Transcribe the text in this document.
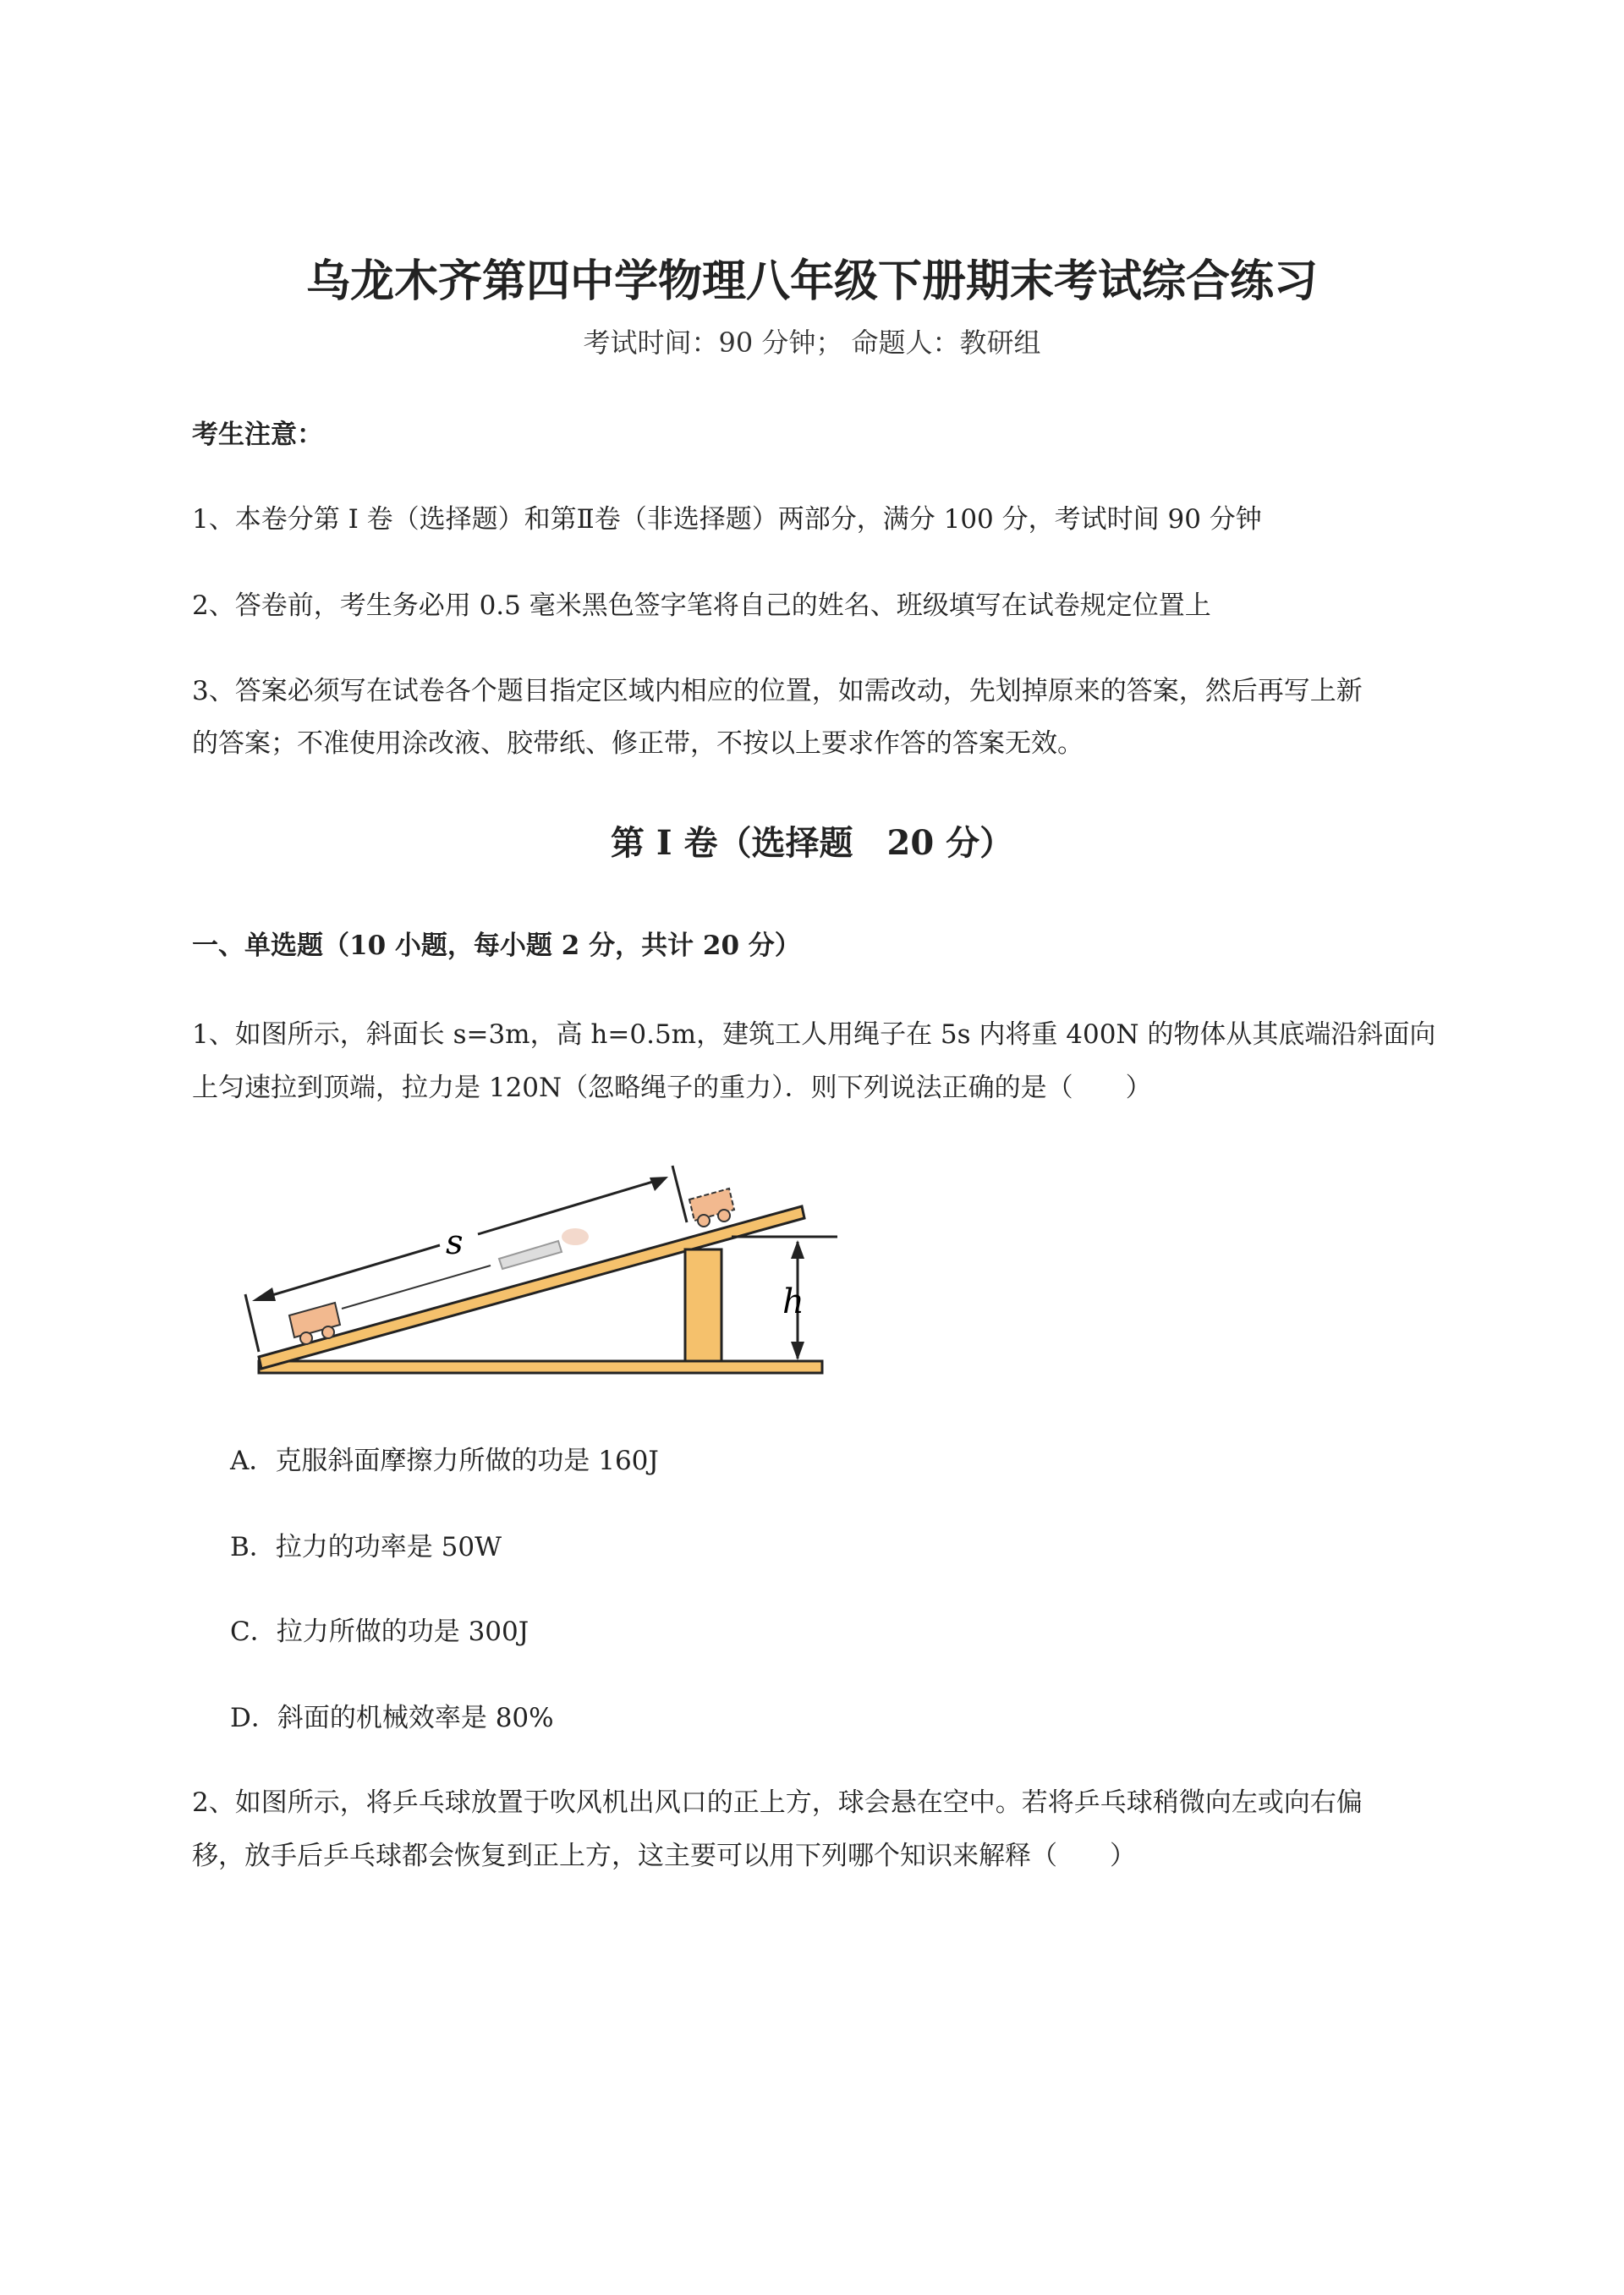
乌龙木齐第四中学物理八年级下册期末考试综合练习
考试时间：90 分钟； 命题人：教研组
考生注意：
1、本卷分第 I 卷（选择题）和第Ⅱ卷（非选择题）两部分，满分 100 分，考试时间 90 分钟
2、答卷前，考生务必用 0.5 毫米黑色签字笔将自己的姓名、班级填写在试卷规定位置上
3、答案必须写在试卷各个题目指定区域内相应的位置，如需改动，先划掉原来的答案，然后再写上新
的答案；不准使用涂改液、胶带纸、修正带，不按以上要求作答的答案无效。
第 I 卷（选择题　20 分）
一、单选题（10 小题，每小题 2 分，共计 20 分）
1、如图所示，斜面长 s=3m，高 h=0.5m，建筑工人用绳子在 5s 内将重 400N 的物体从其底端沿斜面向
上匀速拉到顶端，拉力是 120N（忽略绳子的重力）．则下列说法正确的是（　　）
h
s
A．克服斜面摩擦力所做的功是 160J
B．拉力的功率是 50W
C．拉力所做的功是 300J
D．斜面的机械效率是 80%
2、如图所示，将乒乓球放置于吹风机出风口的正上方，球会悬在空中。若将乒乓球稍微向左或向右偏
移，放手后乒乓球都会恢复到正上方，这主要可以用下列哪个知识来解释（　　）
